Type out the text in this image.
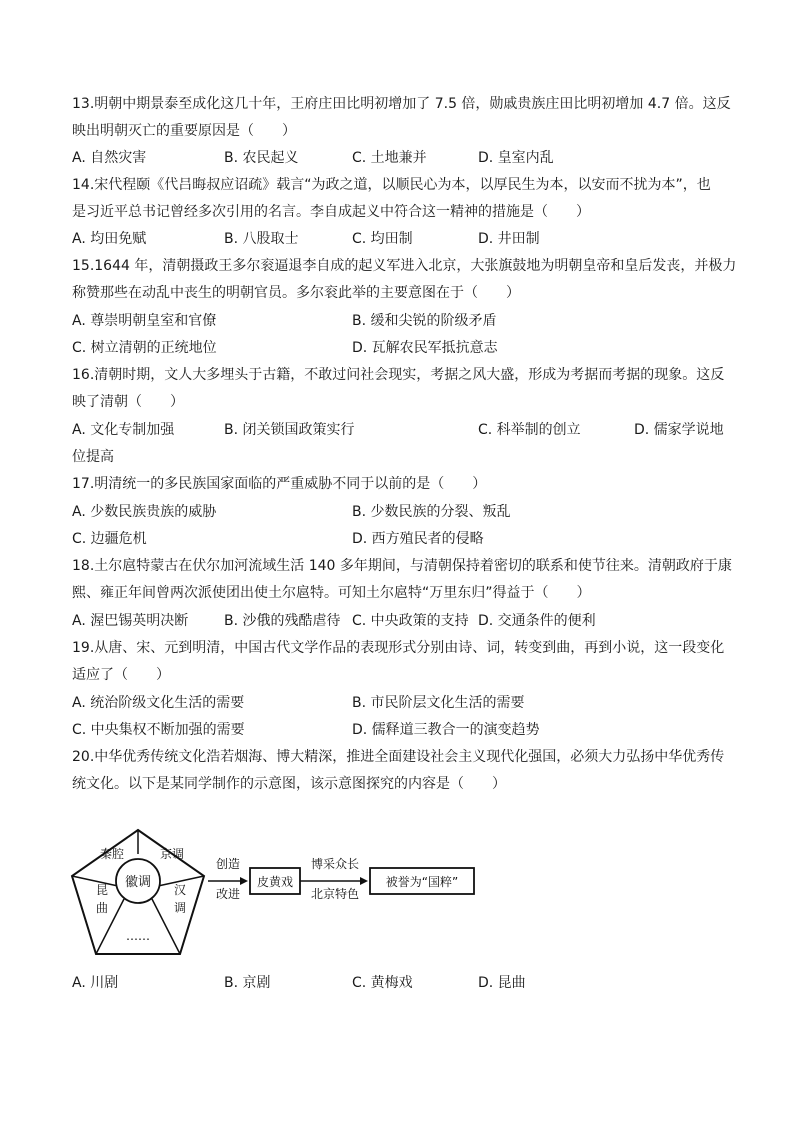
13.明朝中期景泰至成化这几十年，王府庄田比明初增加了 7.5 倍，勋戚贵族庄田比明初增加 4.7 倍。这反
映出明朝灭亡的重要原因是（　　）
A. 自然灾害	B. 农民起义	C. 土地兼并	D. 皇室内乱
14.宋代程颐《代吕晦叔应诏疏》载言“为政之道，以顺民心为本，以厚民生为本，以安而不扰为本”，也
是习近平总书记曾经多次引用的名言。李自成起义中符合这一精神的措施是（　　）
A. 均田免赋	B. 八股取士	C. 均田制	D. 井田制
15.1644 年，清朝摄政王多尔衮逼退李自成的起义军进入北京，大张旗鼓地为明朝皇帝和皇后发丧，并极力
称赞那些在动乱中丧生的明朝官员。多尔衮此举的主要意图在于（　　）
A. 尊崇明朝皇室和官僚	B. 缓和尖锐的阶级矛盾
C. 树立清朝的正统地位	D. 瓦解农民军抵抗意志
16.清朝时期，文人大多埋头于古籍，不敢过问社会现实，考据之风大盛，形成为考据而考据的现象。这反
映了清朝（　　）
A. 文化专制加强	B. 闭关锁国政策实行	C. 科举制的创立	D. 儒家学说地
位提高
17.明清统一的多民族国家面临的严重威胁不同于以前的是（　　）
A. 少数民族贵族的威胁	B. 少数民族的分裂、叛乱
C. 边疆危机	D. 西方殖民者的侵略
18.土尔扈特蒙古在伏尔加河流域生活 140 多年期间，与清朝保持着密切的联系和使节往来。清朝政府于康
熙、雍正年间曾两次派使团出使土尔扈特。可知土尔扈特“万里东归”得益于（　　）
A. 渥巴锡英明决断	B. 沙俄的残酷虐待 C. 中央政策的支持 D. 交通条件的便利
19.从唐、宋、元到明清，中国古代文学作品的表现形式分别由诗、词，转变到曲，再到小说，这一段变化
适应了（　　）
A. 统治阶级文化生活的需要	B. 市民阶层文化生活的需要
C. 中央集权不断加强的需要	D. 儒释道三教合一的演变趋势
20.中华优秀传统文化浩若烟海、博大精深，推进全面建设社会主义现代化强国，必须大力弘扬中华优秀传
统文化。以下是某同学制作的示意图，该示意图探究的内容是（　　）
徽调
秦腔	京调
昆
曲
汉
调
……
创造
改进
皮黄戏
博采众长
北京特色
被誉为“国粹”
A. 川剧	B. 京剧	C. 黄梅戏	D. 昆曲
